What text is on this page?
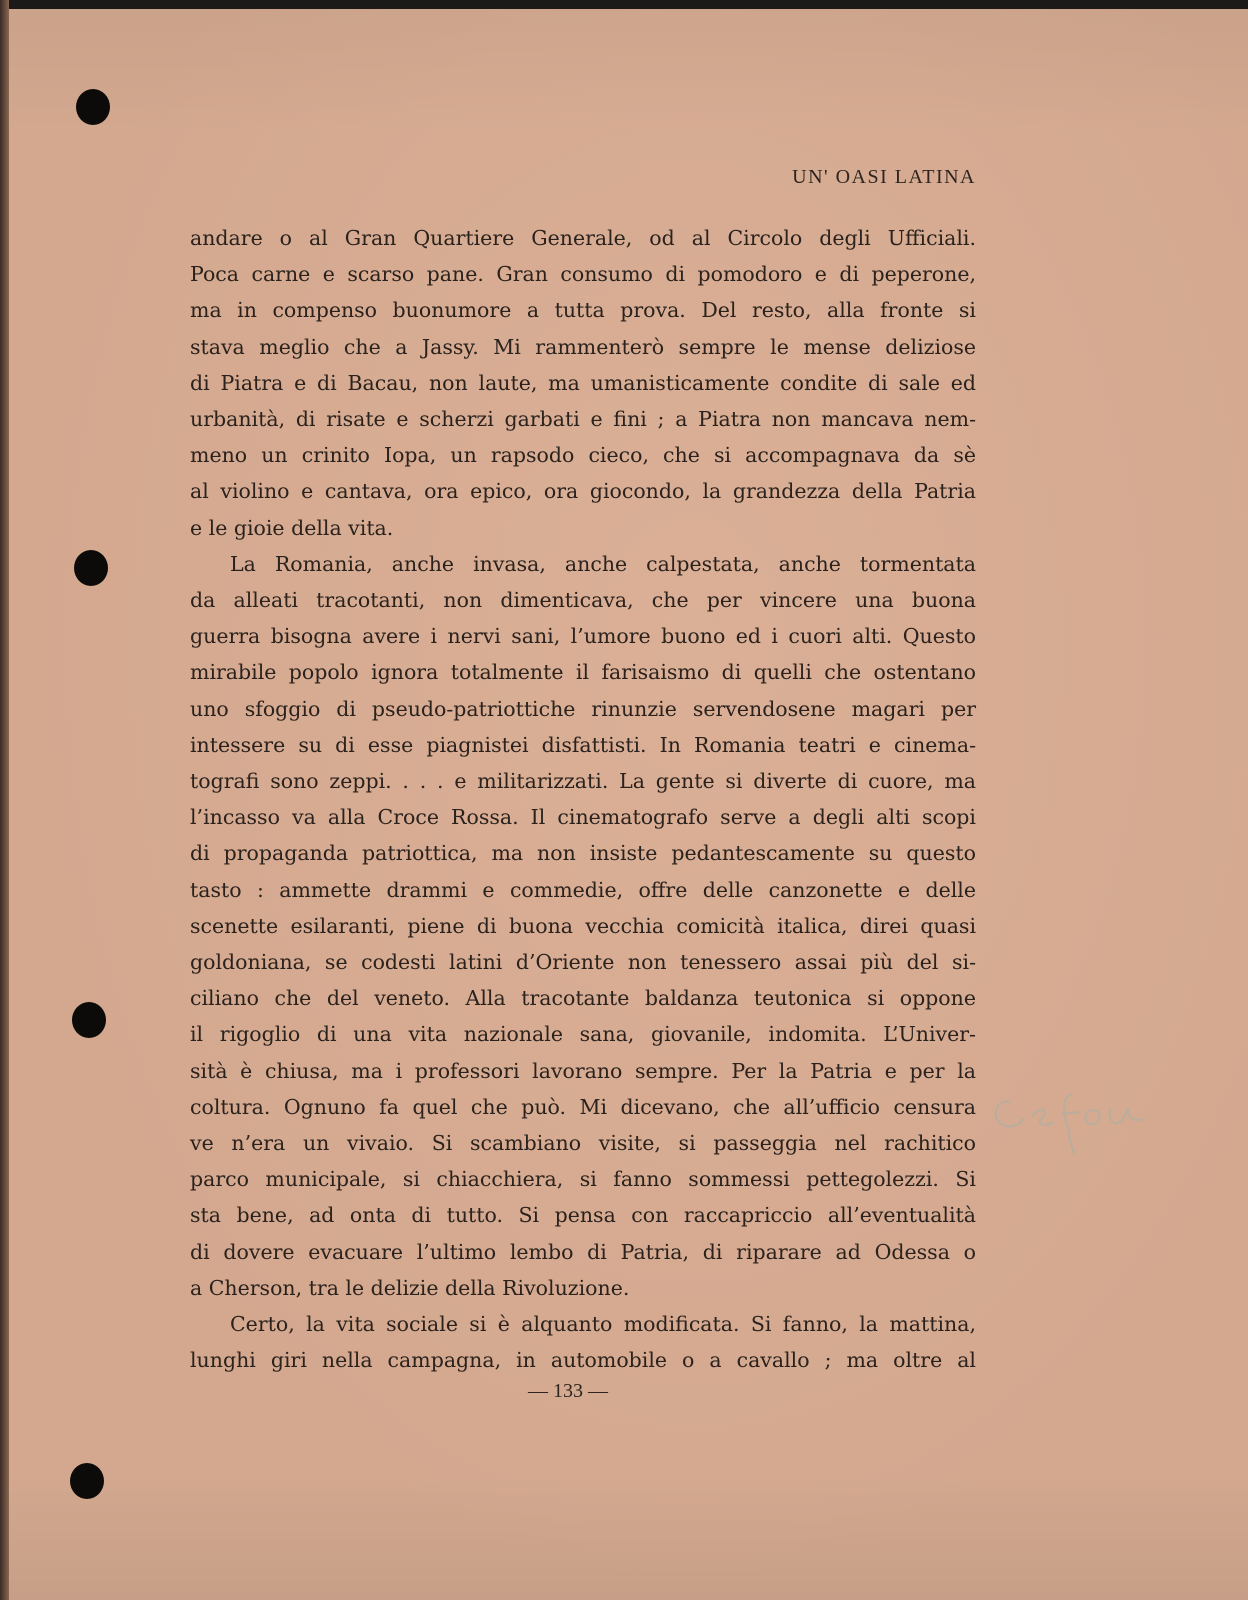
UN' OASI LATINA
andare o al Gran Quartiere Generale, od al Circolo degli Ufficiali.
Poca carne e scarso pane. Gran consumo di pomodoro e di peperone,
ma in compenso buonumore a tutta prova. Del resto, alla fronte si
stava meglio che a Jassy. Mi rammenterò sempre le mense deliziose
di Piatra e di Bacau, non laute, ma umanisticamente condite di sale ed
urbanità, di risate e scherzi garbati e fini ; a Piatra non mancava nem-
meno un crinito Iopa, un rapsodo cieco, che si accompagnava da sè
al violino e cantava, ora epico, ora giocondo, la grandezza della Patria
e le gioie della vita.
La Romania, anche invasa, anche calpestata, anche tormentata
da alleati tracotanti, non dimenticava, che per vincere una buona
guerra bisogna avere i nervi sani, l’umore buono ed i cuori alti. Questo
mirabile popolo ignora totalmente il farisaismo di quelli che ostentano
uno sfoggio di pseudo-patriottiche rinunzie servendosene magari per
intessere su di esse piagnistei disfattisti. In Romania teatri e cinema-
tografi sono zeppi. . . . e militarizzati. La gente si diverte di cuore, ma
l’incasso va alla Croce Rossa. Il cinematografo serve a degli alti scopi
di propaganda patriottica, ma non insiste pedantescamente su questo
tasto : ammette drammi e commedie, offre delle canzonette e delle
scenette esilaranti, piene di buona vecchia comicità italica, direi quasi
goldoniana, se codesti latini d’Oriente non tenessero assai più del si-
ciliano che del veneto. Alla tracotante baldanza teutonica si oppone
il rigoglio di una vita nazionale sana, giovanile, indomita. L’Univer-
sità è chiusa, ma i professori lavorano sempre. Per la Patria e per la
coltura. Ognuno fa quel che può. Mi dicevano, che all’ufficio censura
ve n’era un vivaio. Si scambiano visite, si passeggia nel rachitico
parco municipale, si chiacchiera, si fanno sommessi pettegolezzi. Si
sta bene, ad onta di tutto. Si pensa con raccapriccio all’eventualità
di dovere evacuare l’ultimo lembo di Patria, di riparare ad Odessa o
a Cherson, tra le delizie della Rivoluzione.
Certo, la vita sociale si è alquanto modificata. Si fanno, la mattina,
lunghi giri nella campagna, in automobile o a cavallo ; ma oltre al
— 133 —
